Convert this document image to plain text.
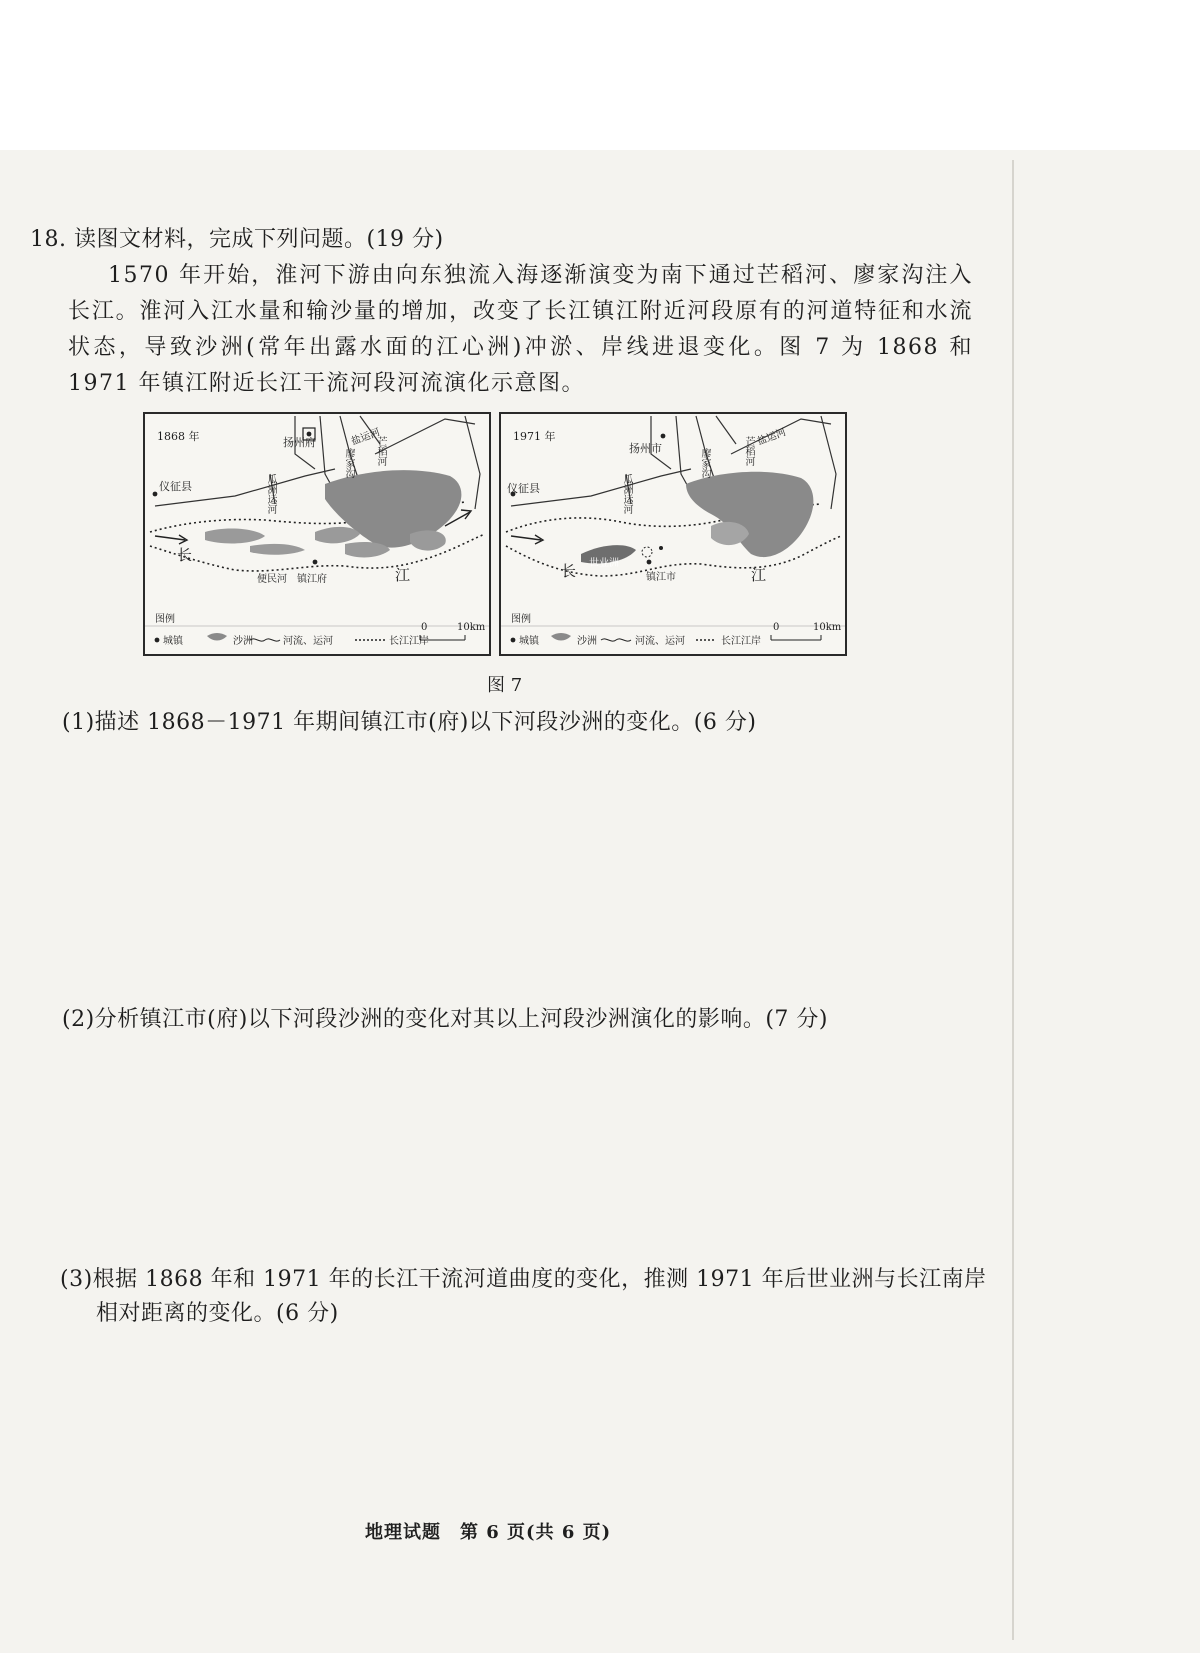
18. 读图文材料，完成下列问题。(19 分)
1570 年开始，淮河下游由向东独流入海逐渐演变为南下通过芒稻河、廖家沟注入长江。淮河入江水量和输沙量的增加，改变了长江镇江附近河段原有的河道特征和水流状态，导致沙洲(常年出露水面的江心洲)冲淤、岸线进退变化。图 7 为 1868 和 1971 年镇江附近长江干流河段河流演化示意图。
1868 年	扬州府
仪征县
盐运河
芒稻河
廖家沟
瓜洲运河
长
江
便民河 镇江府
图例
城镇	沙洲	河流、运河	长江江岸
0	10km
1971 年
扬州市
仪征县
盐运河
芒稻河
廖家沟
瓜洲运河
长 世业洲
江
镇江市
图例
城镇	沙洲	河流、运河	长江江岸
0	10km
图 7
(1)描述 1868－1971 年期间镇江市(府)以下河段沙洲的变化。(6 分)
(2)分析镇江市(府)以下河段沙洲的变化对其以上河段沙洲演化的影响。(7 分)
(3)根据 1868 年和 1971 年的长江干流河道曲度的变化，推测 1971 年后世业洲与长江南岸
相对距离的变化。(6 分)
地理试题　第 6 页(共 6 页)
